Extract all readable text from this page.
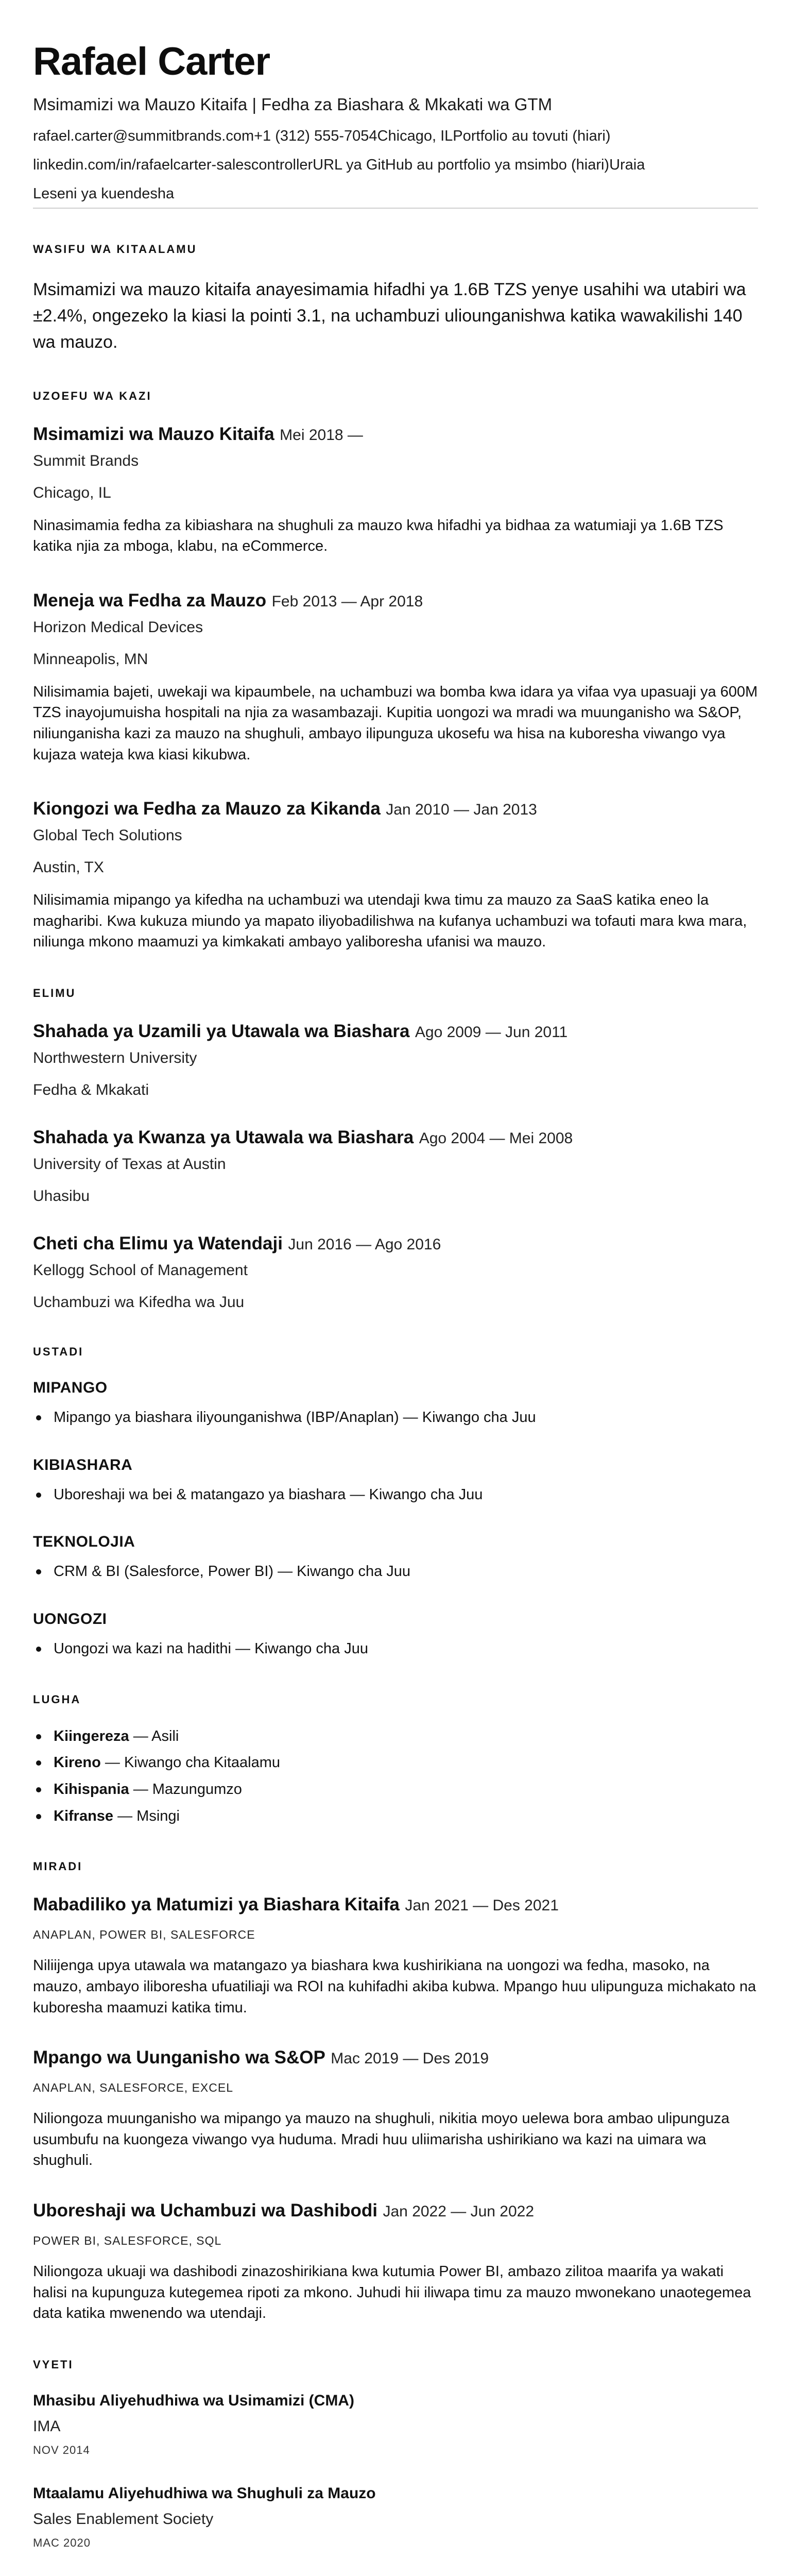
Rafael Carter
Msimamizi wa Mauzo Kitaifa | Fedha za Biashara & Mkakati wa GTM
rafael.carter@summitbrands.com+1 (312) 555-7054Chicago, ILPortfolio au tovuti (hiari)
linkedin.com/in/rafaelcarter-salescontrollerURL ya GitHub au portfolio ya msimbo (hiari)Uraia
Leseni ya kuendesha
WASIFU WA KITAALAMU

Msimamizi wa mauzo kitaifa anayesimamia hifadhi ya 1.6B TZS yenye usahihi wa utabiri wa ±2.4%, ongezeko la kiasi la pointi 3.1, na uchambuzi uliounganishwa katika wawakilishi 140 wa mauzo.

UZOEFU WA KAZI
Msimamizi wa Mauzo Kitaifa Mei 2018 —
Summit Brands
Chicago, IL

Ninasimamia fedha za kibiashara na shughuli za mauzo kwa hifadhi ya bidhaa za watumiaji ya 1.6B TZS katika njia za mboga, klabu, na eCommerce.

Meneja wa Fedha za Mauzo Feb 2013 — Apr 2018
Horizon Medical Devices
Minneapolis, MN

Nilisimamia bajeti, uwekaji wa kipaumbele, na uchambuzi wa bomba kwa idara ya vifaa vya upasuaji ya 600M TZS inayojumuisha hospitali na njia za wasambazaji. Kupitia uongozi wa mradi wa muunganisho wa S&OP, niliunganisha kazi za mauzo na shughuli, ambayo ilipunguza ukosefu wa hisa na kuboresha viwango vya kujaza wateja kwa kiasi kikubwa.

Kiongozi wa Fedha za Mauzo za Kikanda Jan 2010 — Jan 2013
Global Tech Solutions
Austin, TX

Nilisimamia mipango ya kifedha na uchambuzi wa utendaji kwa timu za mauzo za SaaS katika eneo la magharibi. Kwa kukuza miundo ya mapato iliyobadilishwa na kufanya uchambuzi wa tofauti mara kwa mara, niliunga mkono maamuzi ya kimkakati ambayo yaliboresha ufanisi wa mauzo.

ELIMU
Shahada ya Uzamili ya Utawala wa Biashara Ago 2009 — Jun 2011
Northwestern University
Fedha & Mkakati
Shahada ya Kwanza ya Utawala wa Biashara Ago 2004 — Mei 2008
University of Texas at Austin
Uhasibu
Cheti cha Elimu ya Watendaji Jun 2016 — Ago 2016
Kellogg School of Management
Uchambuzi wa Kifedha wa Juu
USTADI
MIPANGO
Mipango ya biashara iliyounganishwa (IBP/Anaplan) — Kiwango cha Juu
KIBIASHARA
Uboreshaji wa bei & matangazo ya biashara — Kiwango cha Juu
TEKNOLOJIA
CRM & BI (Salesforce, Power BI) — Kiwango cha Juu
UONGOZI
Uongozi wa kazi na hadithi — Kiwango cha Juu
LUGHA
Kiingereza — Asili
Kireno — Kiwango cha Kitaalamu
Kihispania — Mazungumzo
Kifranse — Msingi
MIRADI
Mabadiliko ya Matumizi ya Biashara Kitaifa Jan 2021 — Des 2021
ANAPLAN, POWER BI, SALESFORCE

Niliijenga upya utawala wa matangazo ya biashara kwa kushirikiana na uongozi wa fedha, masoko, na mauzo, ambayo iliboresha ufuatiliaji wa ROI na kuhifadhi akiba kubwa. Mpango huu ulipunguza michakato na kuboresha maamuzi katika timu.

Mpango wa Uunganisho wa S&OP Mac 2019 — Des 2019
ANAPLAN, SALESFORCE, EXCEL

Niliongoza muunganisho wa mipango ya mauzo na shughuli, nikitia moyo uelewa bora ambao ulipunguza usumbufu na kuongeza viwango vya huduma. Mradi huu uliimarisha ushirikiano wa kazi na uimara wa shughuli.

Uboreshaji wa Uchambuzi wa Dashibodi Jan 2022 — Jun 2022
POWER BI, SALESFORCE, SQL

Niliongoza ukuaji wa dashibodi zinazoshirikiana kwa kutumia Power BI, ambazo zilitoa maarifa ya wakati halisi na kupunguza kutegemea ripoti za mkono. Juhudi hii iliwapa timu za mauzo mwonekano unaotegemea data katika mwenendo wa utendaji.

VYETI
Mhasibu Aliyehudhiwa wa Usimamizi (CMA)
IMA
NOV 2014
Mtaalamu Aliyehudhiwa wa Shughuli za Mauzo
Sales Enablement Society
MAC 2020
